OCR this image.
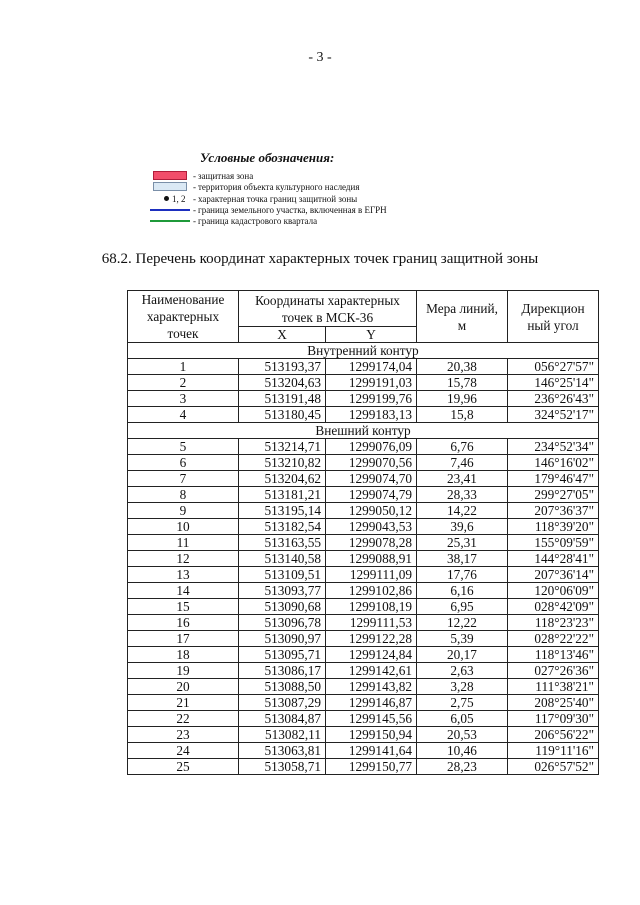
- 3 -
Условные обозначения:
- защитная зона
- территория объекта культурного наследия
1, 2 - характерная точка границ защитной зоны
- граница земельного участка, включенная в ЕГРН
- граница кадастрового квартала
68.2. Перечень координат характерных точек границ защитной зоны
Наименование характерных точек	Координаты характерных точек в МСК-36		Мера линий, м	Дирекцион ный угол
	X	Y		
Внутренний контур				
1	513193,37	1299174,04	20,38	056°27'57"
2	513204,63	1299191,03	15,78	146°25'14"
3	513191,48	1299199,76	19,96	236°26'43"
4	513180,45	1299183,13	15,8	324°52'17"
Внешний контур				
5	513214,71	1299076,09	6,76	234°52'34"
6	513210,82	1299070,56	7,46	146°16'02"
7	513204,62	1299074,70	23,41	179°46'47"
8	513181,21	1299074,79	28,33	299°27'05"
9	513195,14	1299050,12	14,22	207°36'37"
10	513182,54	1299043,53	39,6	118°39'20"
11	513163,55	1299078,28	25,31	155°09'59"
12	513140,58	1299088,91	38,17	144°28'41"
13	513109,51	1299111,09	17,76	207°36'14"
14	513093,77	1299102,86	6,16	120°06'09"
15	513090,68	1299108,19	6,95	028°42'09"
16	513096,78	1299111,53	12,22	118°23'23"
17	513090,97	1299122,28	5,39	028°22'22"
18	513095,71	1299124,84	20,17	118°13'46"
19	513086,17	1299142,61	2,63	027°26'36"
20	513088,50	1299143,82	3,28	111°38'21"
21	513087,29	1299146,87	2,75	208°25'40"
22	513084,87	1299145,56	6,05	117°09'30"
23	513082,11	1299150,94	20,53	206°56'22"
24	513063,81	1299141,64	10,46	119°11'16"
25	513058,71	1299150,77	28,23	026°57'52"
